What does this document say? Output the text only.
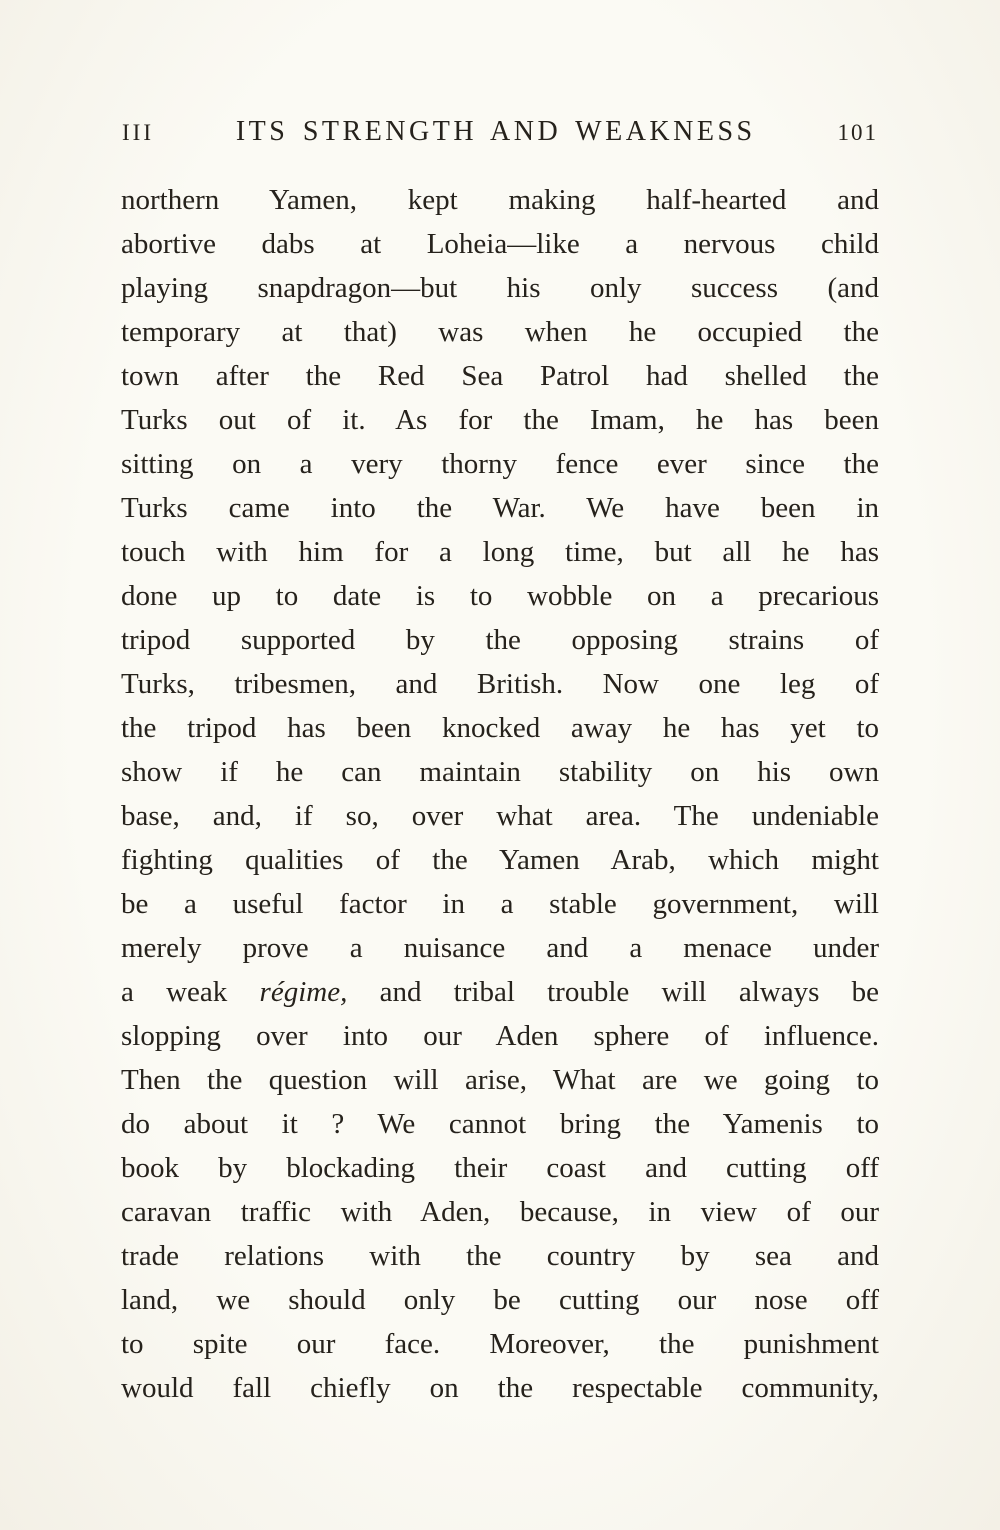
III	ITS STRENGTH AND WEAKNESS	101
northern Yamen, kept making half-hearted and
abortive dabs at Loheia—like a nervous child
playing snapdragon—but his only success (and
temporary at that) was when he occupied the
town after the Red Sea Patrol had shelled the
Turks out of it. As for the Imam, he has been
sitting on a very thorny fence ever since the
Turks came into the War. We have been in
touch with him for a long time, but all he has
done up to date is to wobble on a precarious
tripod supported by the opposing strains of
Turks, tribesmen, and British. Now one leg of
the tripod has been knocked away he has yet to
show if he can maintain stability on his own
base, and, if so, over what area. The undeniable
fighting qualities of the Yamen Arab, which might
be a useful factor in a stable government, will
merely prove a nuisance and a menace under
a weak régime, and tribal trouble will always be
slopping over into our Aden sphere of influence.
Then the question will arise, What are we going to
do about it ? We cannot bring the Yamenis to
book by blockading their coast and cutting off
caravan traffic with Aden, because, in view of our
trade relations with the country by sea and
land, we should only be cutting our nose off
to spite our face. Moreover, the punishment
would fall chiefly on the respectable community,
